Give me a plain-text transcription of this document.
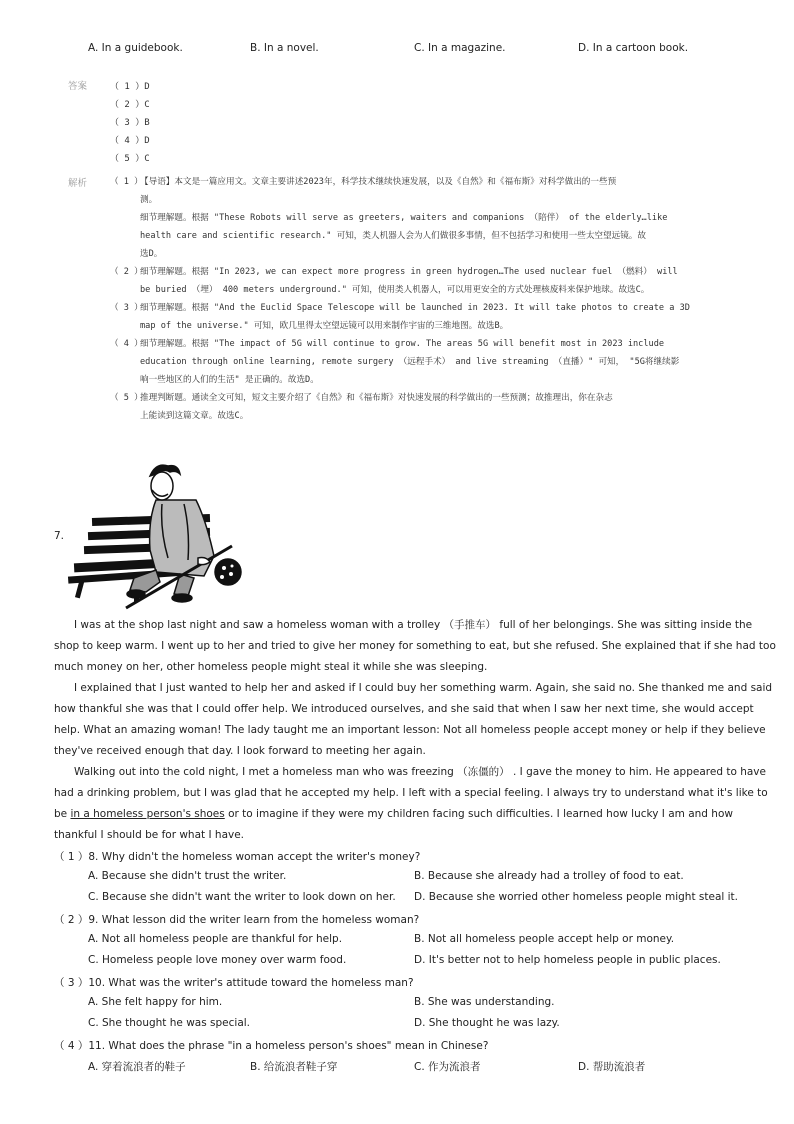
A. In a guidebook.	B. In a novel.	C. In a magazine.	D. In a cartoon book.
答案	（ 1 ）D
（ 2 ）C
（ 3 ）B
（ 4 ）D
（ 5 ）C
解析	（ 1 ）
【导语】本文是一篇应用文。文章主要讲述2023年，科学技术继续快速发展，以及《自然》和《福布斯》对科学做出的一些预
测。
细节理解题。根据 "These Robots will serve as greeters, waiters and companions （陪伴） of the elderly…like
health care and scientific research." 可知，类人机器人会为人们做很多事情，但不包括学习和使用一些太空望远镜。故
选D。
（ 2 ）
细节理解题。根据 "In 2023, we can expect more progress in green hydrogen…The used nuclear fuel （燃料） will
be buried （埋） 400 meters underground." 可知，使用类人机器人，可以用更安全的方式处理核废料来保护地球。故选C。
（ 3 ）
细节理解题。根据 "And the Euclid Space Telescope will be launched in 2023. It will take photos to create a 3D
map of the universe." 可知，欧几里得太空望远镜可以用来制作宇宙的三维地图。故选B。
（ 4 ）
细节理解题。根据 "The impact of 5G will continue to grow. The areas 5G will benefit most in 2023 include
education through online learning, remote surgery （远程手术） and live streaming （直播）" 可知， "5G将继续影
响一些地区的人们的生活" 是正确的。故选D。
（ 5 ）
推理判断题。通读全文可知，短文主要介绍了《自然》和《福布斯》对快速发展的科学做出的一些预测；故推理出，你在杂志
上能读到这篇文章。故选C。
7.
I was at the shop last night and saw a homeless woman with a trolley （手推车） full of her belongings. She was sitting inside the
shop to keep warm. I went up to her and tried to give her money for something to eat, but she refused. She explained that if she had too
much money on her, other homeless people might steal it while she was sleeping.
I explained that I just wanted to help her and asked if I could buy her something warm. Again, she said no. She thanked me and said
how thankful she was that I could offer help. We introduced ourselves, and she said that when I saw her next time, she would accept
help. What an amazing woman! The lady taught me an important lesson: Not all homeless people accept money or help if they believe
they've received enough that day. I look forward to meeting her again.
Walking out into the cold night, I met a homeless man who was freezing （冻僵的） . I gave the money to him. He appeared to have
had a drinking problem, but I was glad that he accepted my help. I left with a special feeling. I always try to understand what it's like to
be in a homeless person's shoes or to imagine if they were my children facing such difficulties. I learned how lucky I am and how
thankful I should be for what I have.
（ 1 ）8. Why didn't the homeless woman accept the writer's money?
A. Because she didn't trust the writer.	B. Because she already had a trolley of food to eat.
C. Because she didn't want the writer to look down on her. D. Because she worried other homeless people might steal it.
（ 2 ）9. What lesson did the writer learn from the homeless woman?
A. Not all homeless people are thankful for help.	B. Not all homeless people accept help or money.
C. Homeless people love money over warm food.	D. It's better not to help homeless people in public places.
（ 3 ）10. What was the writer's attitude toward the homeless man?
A. She felt happy for him.	B. She was understanding.
C. She thought he was special.	D. She thought he was lazy.
（ 4 ）11. What does the phrase "in a homeless person's shoes" mean in Chinese?
A. 穿着流浪者的鞋子	B. 给流浪者鞋子穿	C. 作为流浪者	D. 帮助流浪者
